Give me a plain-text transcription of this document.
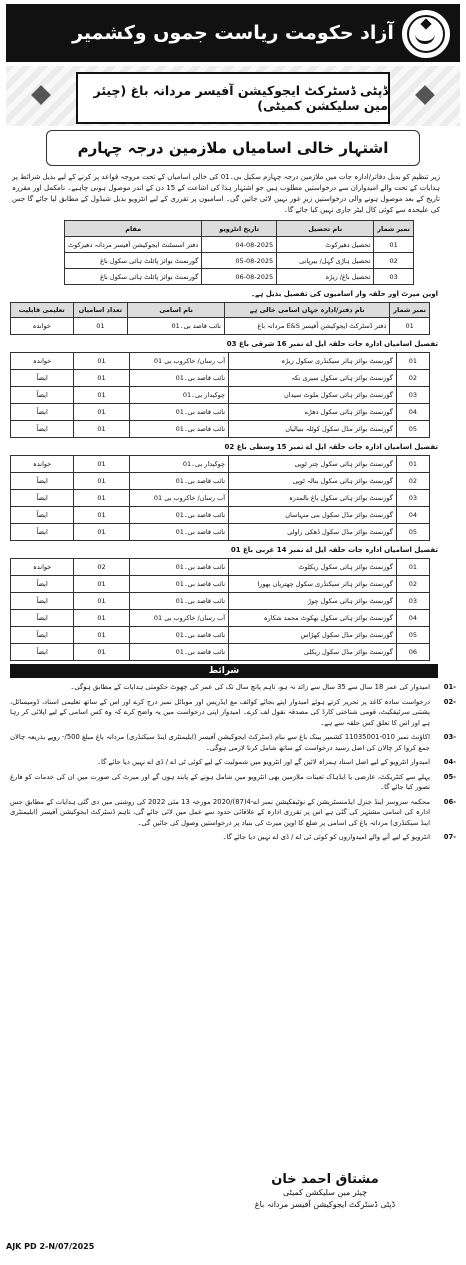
آزاد حکومت ریاست جموں وکشمیر
ڈپٹی ڈسٹرکٹ ایجوکیشن آفیسر مردانہ باغ (چیئر مین سلیکشن کمیٹی)
اشتہار خالی اسامیاں ملازمین درجہ چہارم
زیر تنظیم کو بدیل دفاتر/ادارہ جات میں ملازمین درجہ چہارم سکیل بی۔01 کی خالی اسامیاں کے تحت مروجہ قواعد پر کرنے کے لیے بذیل شرائط پر ہدایات کے تحت والے امیدواران سے درخواستیں مطلوب ہیں جو اشتہار ہذا کی اشاعت کے 15 دن کے اندر موصول ہونی چاہیے۔ نامکمل اور مقررہ تاریخ کے بعد موصول ہونے والی درخواستیں زیرِ غور نہیں لائی جائیں گی۔ اسامیوں پر تقرری کے لیے انٹرویو بذیل شیڈول کے مطابق لیا جائے گا جس کی علیحدہ سے کوئی کال لیٹر جاری نہیں کیا جائے گا۔
نمبر شمار	نام تحصیل	تاریخ انٹرویو	مقام
01	تحصیل دھیرکوٹ	04-08-2025	دفتر اسسٹنٹ ایجوکیشن آفیسر مردانہ دھیرکوٹ
02	تحصیل ہاڑی گہل/ بیرپانی	05-08-2025	گورنمنٹ بوائز پائلٹ ہائی سکول باغ
03	تحصیل باغ/ ریڑہ	06-08-2025	گورنمنٹ بوائز پائلٹ ہائی سکول باغ
اوپن میرٹ اور حلقہ وار اسامیوں کی تفصیل بذیل ہے۔
نمبر شمار	نام دفتر/ادارہ جہاں اسامی خالی ہے	نام اسامی	تعداد اسامیاں	تعلیمی قابلیت
01	دفتر ڈسٹرکٹ ایجوکیشن آفیسر E&S مردانہ باغ	نائب قاصد بی۔01	01	خواندہ
تفصیل اسامیاں ادارہ جات حلقہ ایل اے نمبر 16 شرقی باغ 03
01	گورنمنٹ بوائز ہائر سیکنڈری سکول ریڑہ	آب رساں/ خاکروب بی 01	01	خواندہ
02	گورنمنٹ بوائز ہائی سکول سیری نکہ	نائب قاصد بی۔01	01	ایضاً
03	گورنمنٹ بوائز ہائی سکول ملوٹ سیداں	چوکیدار بی۔01	01	ایضاً
04	گورنمنٹ بوائز ہائی سکول دھڑے	نائب قاصد بی۔01	01	ایضاً
05	گورنمنٹ بوائز مڈل سکول کوٹلہ بنیالیاں	نائب قاصد بی۔01	01	ایضاً
تفصیل اسامیاں ادارہ جات حلقہ ایل اے نمبر 15 وسطی باغ 02
01	گورنمنٹ بوائز ہائی سکول چتر ٹوپی	چوکیدار بی۔01	01	خواندہ
02	گورنمنٹ بوائز ہائی سکول بنالہ ٹوپی	نائب قاصد بی۔01	01	ایضاً
03	گورنمنٹ بوائز ہائی سکول باغ بالمدرہ	آب رساں/ خاکروب بی 01	01	ایضاً
04	گورنمنٹ بوائز مڈل سکول بنی منہاساں	نائب قاصد بی۔01	01	ایضاً
05	گورنمنٹ بوائز مڈل سکول ڈھکی راولی	نائب قاصد بی۔01	01	ایضاً
تفصیل اسامیاں ادارہ جات حلقہ ایل اے نمبر 14 غربی باغ 01
01	گورنمنٹ بوائز ہائی سکول ریکلوٹ	نائب قاصد بی۔01	02	خواندہ
02	گورنمنٹ بوائز ہائر سیکنڈری سکول چھتریاں بھورا	نائب قاصد بی۔01	01	ایضاً
03	گورنمنٹ بوائز ہائی سکول چوڑ	نائب قاصد بی۔01	01	ایضاً
04	گورنمنٹ بوائز ہائی سکول بھکوٹ محمد شکارہ	آب رساں/ خاکروب بی 01	01	ایضاً
05	گورنمنٹ بوائز مڈل سکول کھڑاس	نائب قاصد بی۔01	01	ایضاً
06	گورنمنٹ بوائز مڈل سکول ریکلی	نائب قاصد بی۔01	01	ایضاً
شرائط
01-
امیدوار کی عمر 18 سال سے 35 سال سے زائد نہ ہو، تاہم پانچ سال تک کی عمر کی چھوٹ حکومتی ہدایات کے مطابق ہوگی۔
02-
درخواست سادہ کاغذ پر تحریر کرتے ہوئے امیدوار اپنے بجائے کوائف مع ایڈریس اور موبائل نمبر درج کرے اور اس کے ساتھ تعلیمی اسناد، ڈومیسائل، پشتنی سرٹیفکیٹ، قومی شناختی کارڈ کی مصدقہ نقول لف کرے۔ امیدوار اپنی درخواست میں یہ واضح کرے کہ وہ کس اسامی کے لیے اپلائی کر رہا ہے اور اس کا تعلق کس حلقہ سے ہے۔
03-
اکاؤنٹ نمبر 010-11035001 کشمیر بینک باغ سے بنام ڈسٹرکٹ ایجوکیشن آفیسر (ایلیمنٹری اینڈ سیکنڈری) مردانہ باغ مبلغ 500/- روپے بذریعہ چالان جمع کروا کر چالان کی اصل رسید درخواست کے ساتھ شامل کرنا لازمی ہوگی۔
04-
امیدوار انٹرویو کے لیے اصل اسناد ہمراہ لائیں گے اور انٹرویو میں شمولیت کے لیے کوئی ٹی اے / ڈی اے نہیں دیا جائے گا۔
05-
پہلے سے کنٹریکٹ، عارضی یا ایڈہاک تعینات ملازمین بھی انٹرویو میں شامل ہونے کے پابند ہوں گے اور میرٹ کی صورت میں ان کی خدمات کو فارغ تصور کیا جائے گا۔
06-
محکمہ سروسز اینڈ جنرل ایڈمنسٹریشن کے نوٹیفکیشن نمبر اے-4(87)/2020 مورخہ 13 مئی 2022 کی روشنی میں دی گئی ہدایات کے مطابق جس ادارہ کی اسامی مشتہر کی گئی ہے اس پر تقرری ادارہ کے علاقائی حدود سے عمل میں لائی جائے گی، تاہم ڈسٹرکٹ ایجوکیشن آفیسر (ایلیمنٹری اینڈ سیکنڈری) مردانہ باغ کی اسامی پر ضلع کا اوپن میرٹ کی بنیاد پر درخواستیں وصول کی جائیں گی۔
07-
انٹرویو کے لیے آنے والے امیدواروں کو کوئی ٹی اے / ڈی اے نہیں دیا جائے گا۔
مشتاق احمد خان
چیئر مین سلیکشن کمیٹی
ڈپٹی ڈسٹرکٹ ایجوکیشن آفیسر مردانہ باغ
AJK PD 2-N/07/2025
